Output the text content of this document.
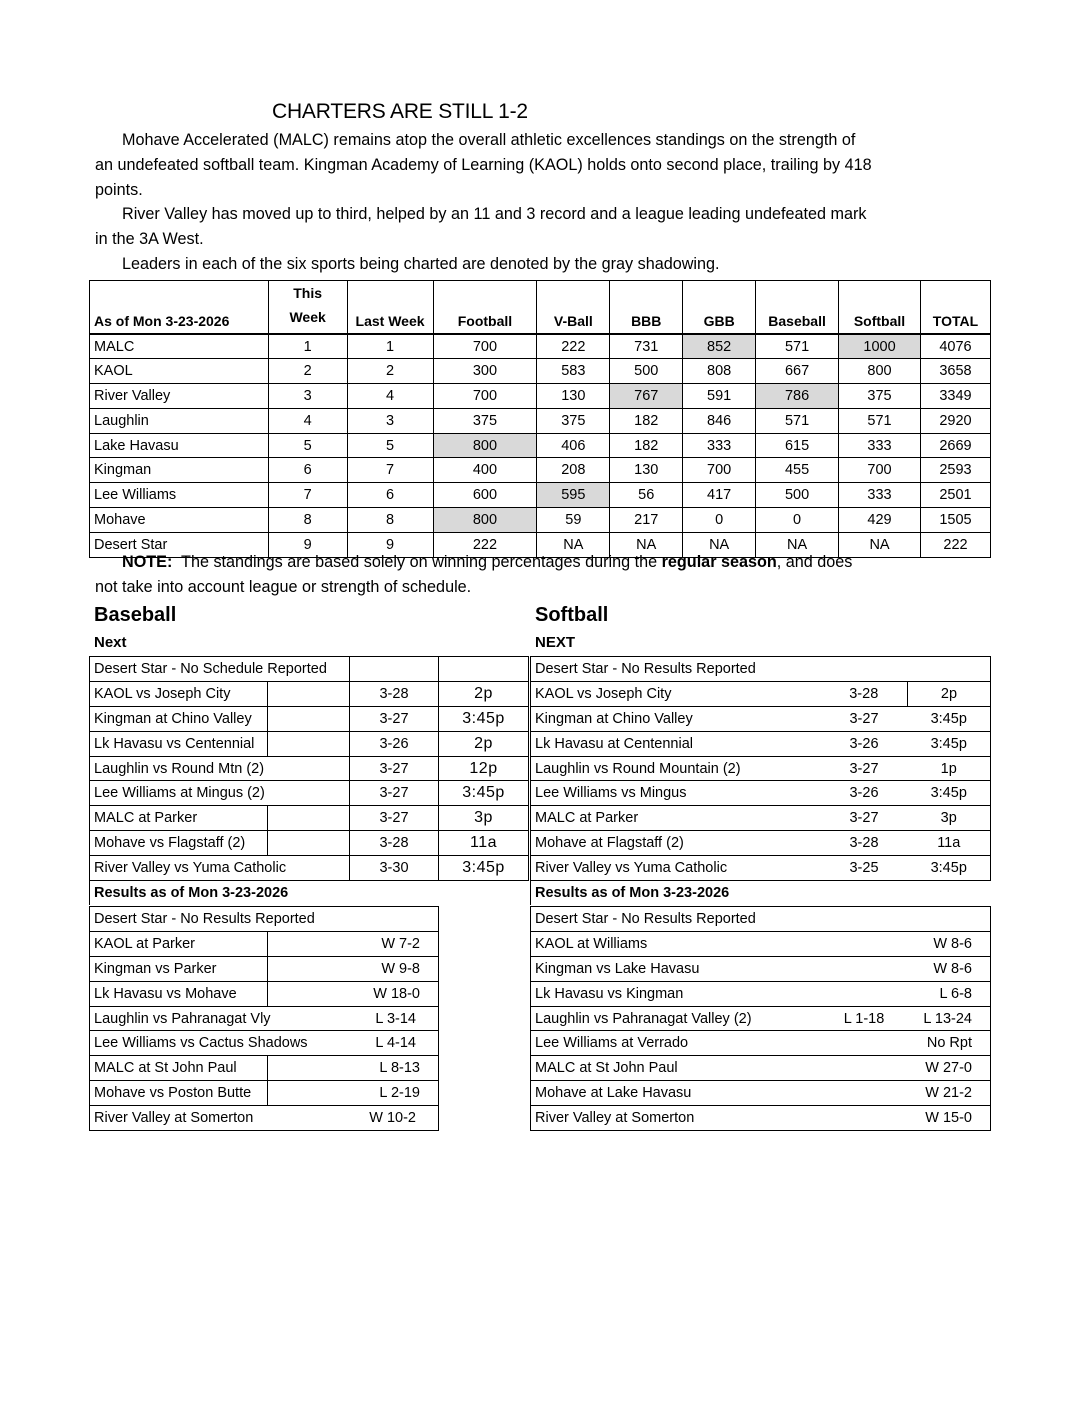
CHARTERS ARE STILL 1-2

Mohave Accelerated (MALC) remains atop the overall athletic excellences standings on the strength of an undefeated softball team. Kingman Academy of Learning (KAOL) holds onto second place, trailing by 418 points.

River Valley has moved up to third, helped by an 11 and 3 record and a league leading undefeated mark in the 3A West.

Leaders in each of the six sports being charted are denoted by the gray shadowing.

As of Mon 3-23-2026	This Week	Last Week	Football	V-Ball	BBB	GBB	Baseball	Softball	TOTAL
MALC	1	1	700	222	731	852	571	1000	4076
KAOL	2	2	300	583	500	808	667	800	3658
River Valley	3	4	700	130	767	591	786	375	3349
Laughlin	4	3	375	375	182	846	571	571	2920
Lake Havasu	5	5	800	406	182	333	615	333	2669
Kingman	6	7	400	208	130	700	455	700	2593
Lee Williams	7	6	600	595	56	417	500	333	2501
Mohave	8	8	800	59	217	0	0	429	1505
Desert Star	9	9	222	NA	NA	NA	NA	NA	222
NOTE:  The standings are based solely on winning percentages during the regular season, and does not take into account league or strength of schedule.
Baseball
Next
Desert Star - No Schedule Reported			
KAOL vs Joseph City		3-28	2p
Kingman at Chino Valley		3-27	3:45p
Lk Havasu vs Centennial		3-26	2p
Laughlin vs Round Mtn (2)		3-27	12p
Lee Williams at Mingus (2)		3-27	3:45p
MALC at Parker		3-27	3p
Mohave vs Flagstaff (2)		3-28	11a
River Valley vs Yuma Catholic		3-30	3:45p
Results as of Mon 3-23-2026			
Desert Star - No Results Reported	
KAOL at Parker	W 7-2
Kingman vs Parker	W 9-8
Lk Havasu vs Mohave	W 18-0
Laughlin vs Pahranagat Vly L 3-14	

Lee Williams vs Cactus Shadows L 4-14	

MALC at St John Paul	L 8-13
Mohave vs Poston Butte	L 2-19
River Valley at Somerton W 10-2	
Softball
NEXT
Desert Star - No Results Reported		
KAOL vs Joseph City	3-28	2p
Kingman at Chino Valley	3-27	3:45p
Lk Havasu at Centennial	3-26	3:45p
Laughlin vs Round Mountain (2)	3-27	1p
Lee Williams vs Mingus	3-26	3:45p
MALC at Parker	3-27	3p
Mohave at Flagstaff (2)	3-28	11a
River Valley vs Yuma Catholic	3-25	3:45p
Results as of Mon 3-23-2026		
Desert Star - No Results Reported		
KAOL at Williams		W 8-6
Kingman vs Lake Havasu		W 8-6
Lk Havasu vs Kingman		L 6-8
Laughlin vs Pahranagat Valley (2)	L 1-18	L 13-24
Lee Williams at Verrado		No Rpt
MALC at St John Paul		W 27-0
Mohave at Lake Havasu		W 21-2
River Valley at Somerton		W 15-0
